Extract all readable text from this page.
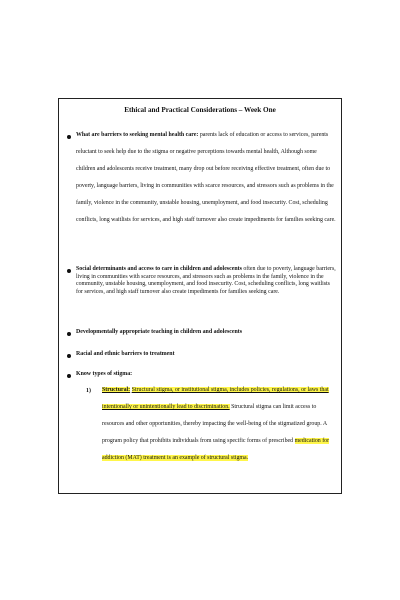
Ethical and Practical Considerations – Week One
What are barriers to seeking mental health care: parents lack of education or access to services, parents reluctant to seek help due to the stigma or negative perceptions towards mental health, Although some children and adolescents receive treatment, many drop out before receiving effective treatment, often due to poverty, language barriers, living in communities with scarce resources, and stressors such as problems in the family, violence in the community, unstable housing, unemployment, and food insecurity. Cost, scheduling conflicts, long waitlists for services, and high staff turnover also create impediments for families seeking care.
Social determinants and access to care in children and adolescents often due to poverty, language barriers, living in communities with scarce resources, and stressors such as problems in the family, violence in the community, unstable housing, unemployment, and food insecurity. Cost, scheduling conflicts, long waitlists for services, and high staff turnover also create impediments for families seeking care.
Developmentally appropriate teaching in children and adolescents
Racial and ethnic barriers to treatment
Know types of stigma:
1) Structural: Structural stigma, or institutional stigma, includes policies, regulations, or laws that intentionally or unintentionally lead to discrimination. Structural stigma can limit access to resources and other opportunities, thereby impacting the well-being of the stigmatized group. A program policy that prohibits individuals from using specific forms of prescribed medication for addiction (MAT) treatment is an example of structural stigma.
